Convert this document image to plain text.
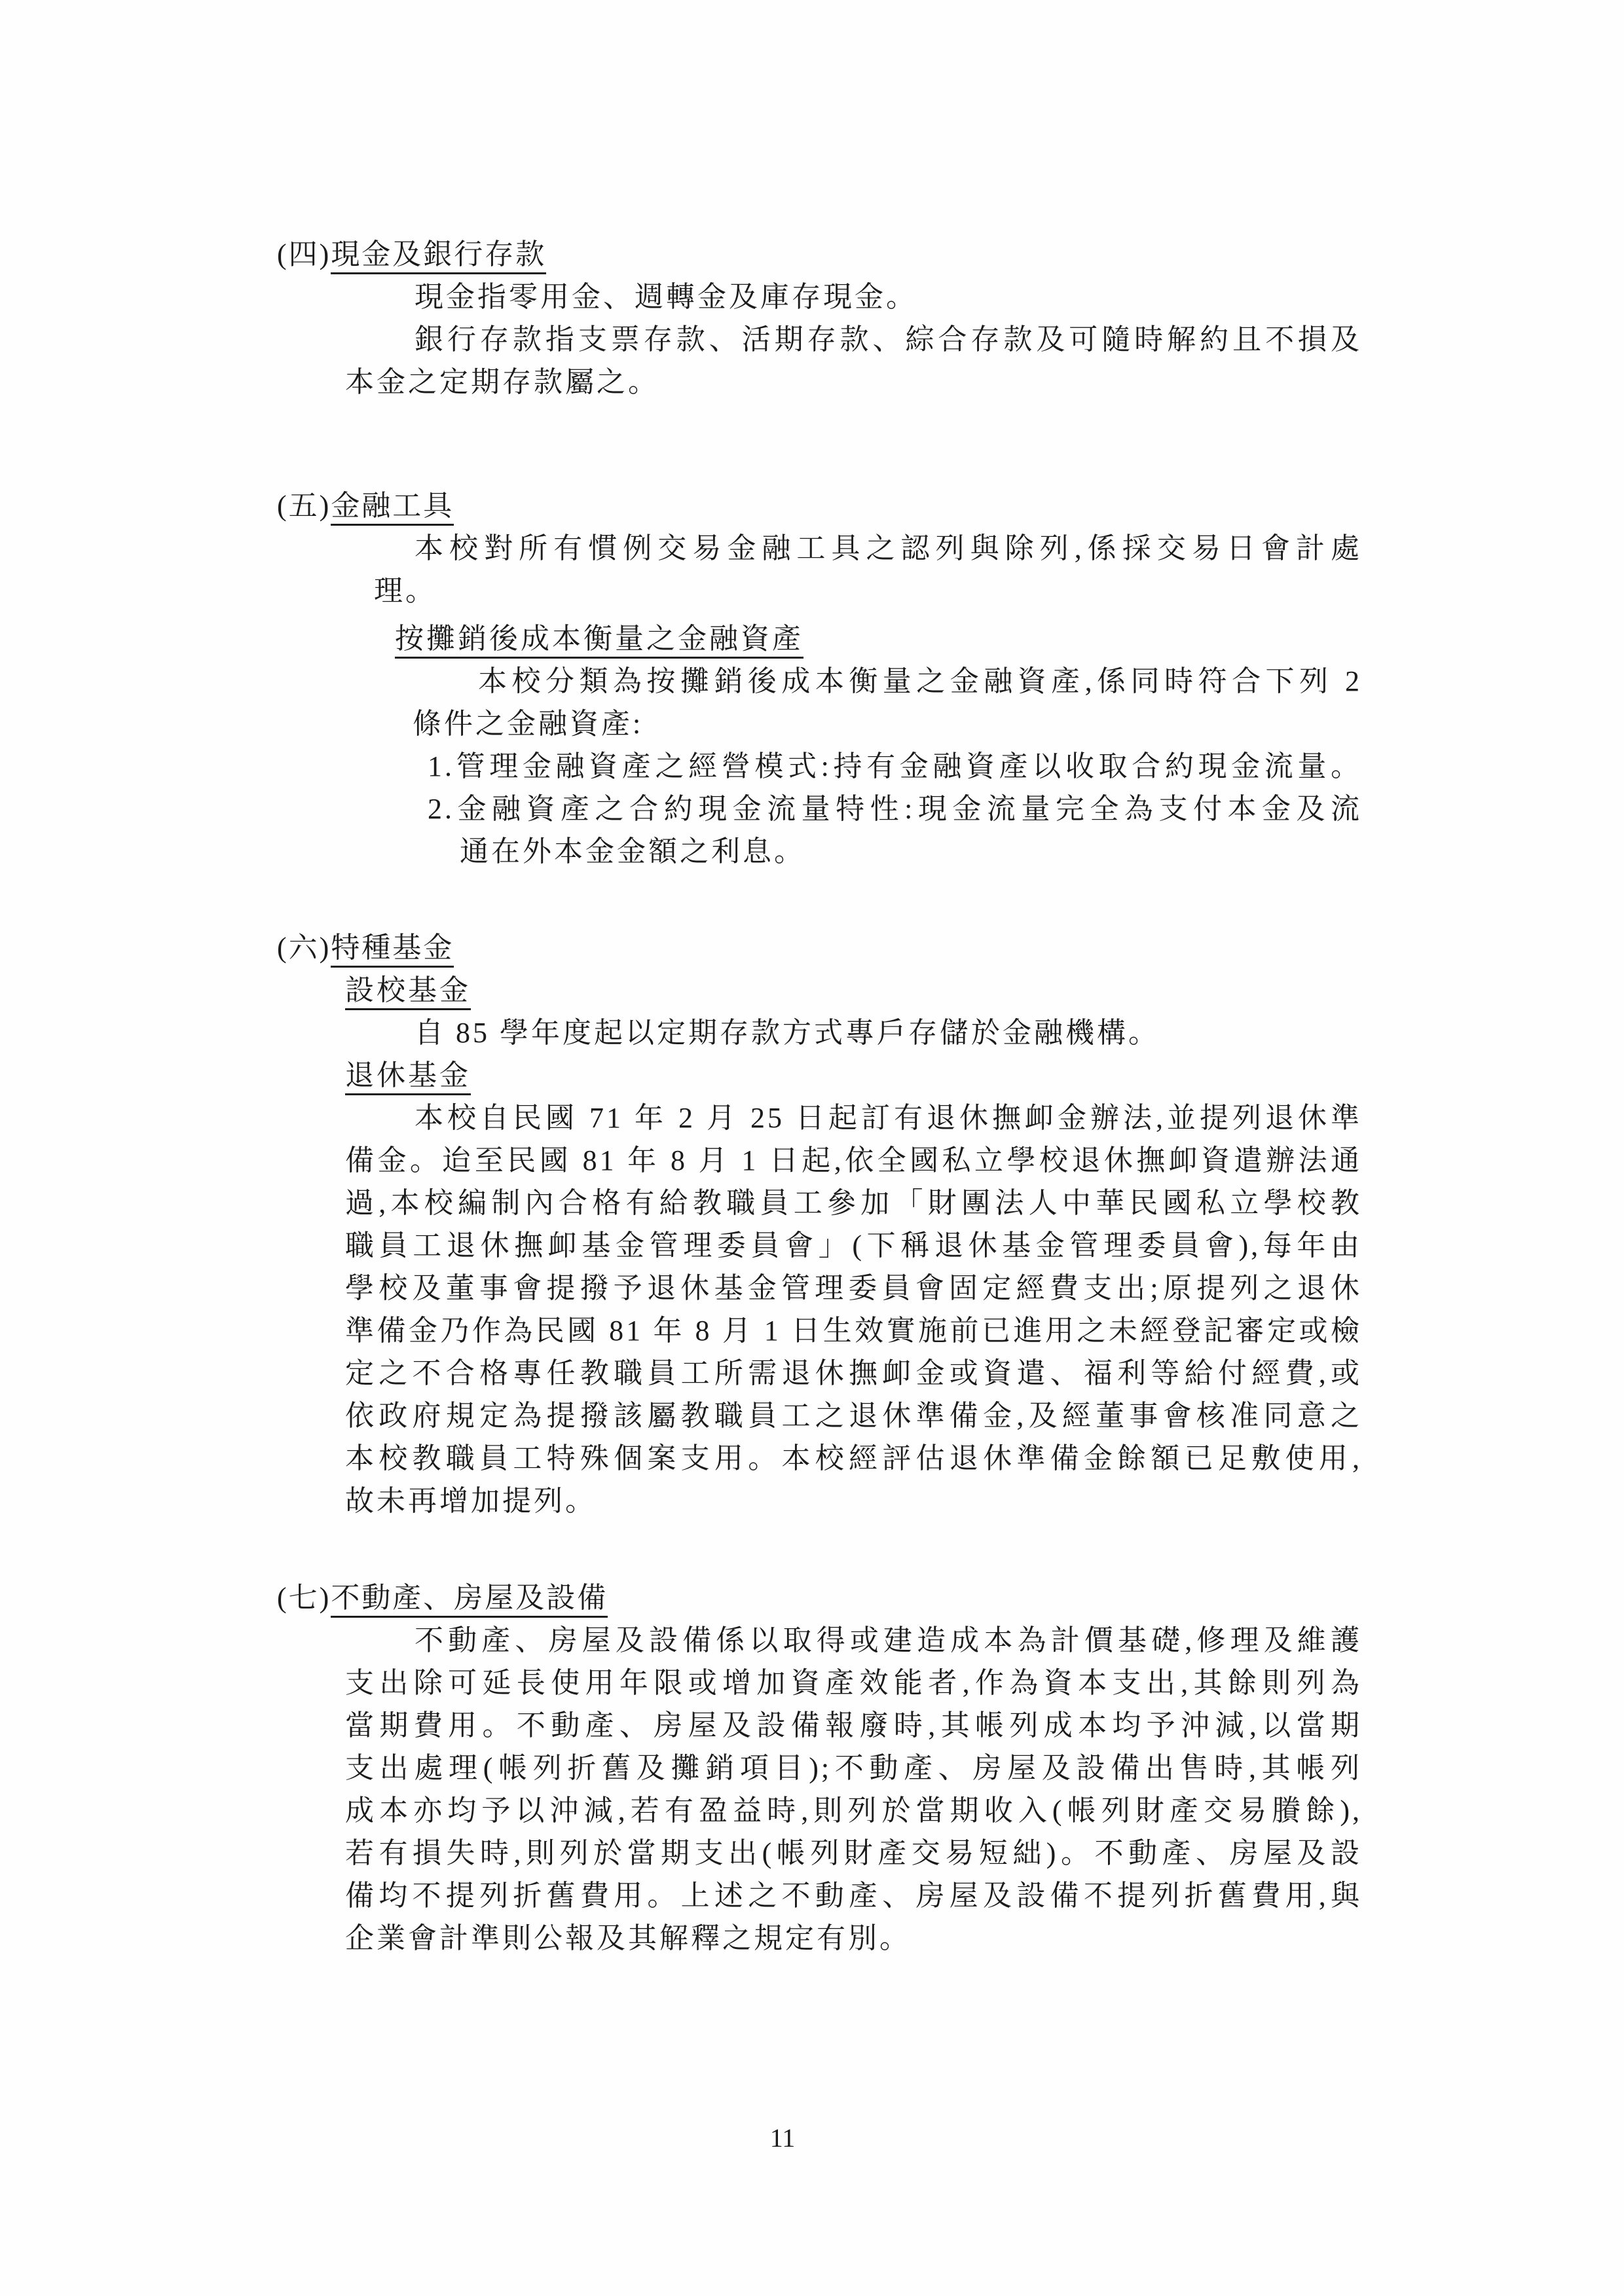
(四)現金及銀行存款
現金指零用金、週轉金及庫存現金。
銀行存款指支票存款、活期存款、綜合存款及可隨時解約且不損及
本金之定期存款屬之。
(五)金融工具
本校對所有慣例交易金融工具之認列與除列,係採交易日會計處
理。
按攤銷後成本衡量之金融資產
本校分類為按攤銷後成本衡量之金融資產,係同時符合下列 2
條件之金融資產:
1.管理金融資產之經營模式:持有金融資產以收取合約現金流量。
2.金融資產之合約現金流量特性:現金流量完全為支付本金及流
通在外本金金額之利息。
(六)特種基金
設校基金
自 85 學年度起以定期存款方式專戶存儲於金融機構。
退休基金
本校自民國 71 年 2 月 25 日起訂有退休撫卹金辦法,並提列退休準
備金。迨至民國 81 年 8 月 1 日起,依全國私立學校退休撫卹資遣辦法通
過,本校編制內合格有給教職員工參加「財團法人中華民國私立學校教
職員工退休撫卹基金管理委員會」(下稱退休基金管理委員會),每年由
學校及董事會提撥予退休基金管理委員會固定經費支出;原提列之退休
準備金乃作為民國 81 年 8 月 1 日生效實施前已進用之未經登記審定或檢
定之不合格專任教職員工所需退休撫卹金或資遣、福利等給付經費,或
依政府規定為提撥該屬教職員工之退休準備金,及經董事會核准同意之
本校教職員工特殊個案支用。本校經評估退休準備金餘額已足敷使用,
故未再增加提列。
(七)不動產、房屋及設備
不動產、房屋及設備係以取得或建造成本為計價基礎,修理及維護
支出除可延長使用年限或增加資產效能者,作為資本支出,其餘則列為
當期費用。不動產、房屋及設備報廢時,其帳列成本均予沖減,以當期
支出處理(帳列折舊及攤銷項目);不動產、房屋及設備出售時,其帳列
成本亦均予以沖減,若有盈益時,則列於當期收入(帳列財產交易賸餘),
若有損失時,則列於當期支出(帳列財產交易短絀)。不動產、房屋及設
備均不提列折舊費用。上述之不動產、房屋及設備不提列折舊費用,與
企業會計準則公報及其解釋之規定有別。
11
